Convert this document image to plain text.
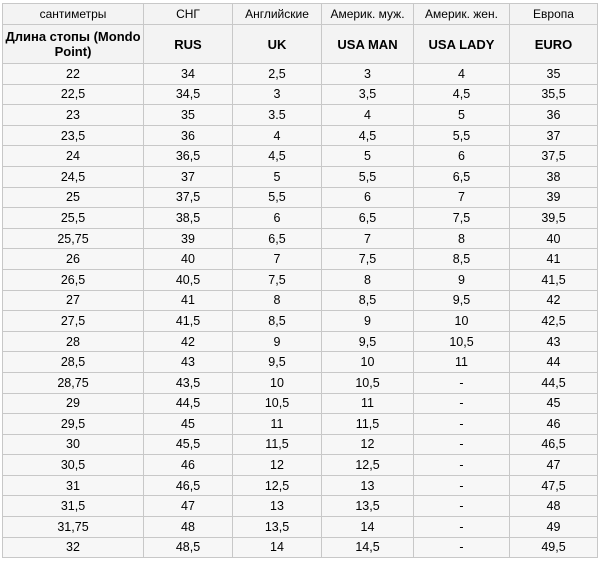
сантиметры	СНГ	Английские	Америк. муж.	Америк. жен.	Европа
Длина стопы (Mondo Point)	RUS	UK	USA MAN	USA LADY	EURO
22	34	2,5	3	4	35
22,5	34,5	3	3,5	4,5	35,5
23	35	3.5	4	5	36
23,5	36	4	4,5	5,5	37
24	36,5	4,5	5	6	37,5
24,5	37	5	5,5	6,5	38
25	37,5	5,5	6	7	39
25,5	38,5	6	6,5	7,5	39,5
25,75	39	6,5	7	8	40
26	40	7	7,5	8,5	41
26,5	40,5	7,5	8	9	41,5
27	41	8	8,5	9,5	42
27,5	41,5	8,5	9	10	42,5
28	42	9	9,5	10,5	43
28,5	43	9,5	10	11	44
28,75	43,5	10	10,5	-	44,5
29	44,5	10,5	11	-	45
29,5	45	11	11,5	-	46
30	45,5	11,5	12	-	46,5
30,5	46	12	12,5	-	47
31	46,5	12,5	13	-	47,5
31,5	47	13	13,5	-	48
31,75	48	13,5	14	-	49
32	48,5	14	14,5	-	49,5
